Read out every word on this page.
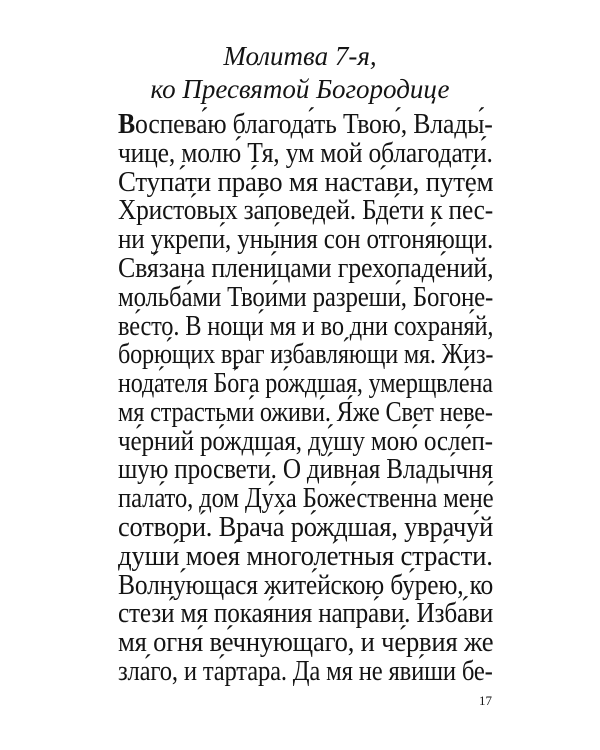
Молитва 7-я,
ко Пресвятой Богородице
Воспева́ю благода́ть Твою́, Влады́-
чице, молю́ Тя, ум мой облагодати́.
Ступа́ти пра́во мя наста́ви, путе́м
Христо́вых за́поведей. Бде́ти к пе́с-
ни укрепи́, уны́ния сон отгоня́ющи.
Свя́зана плени́цами грехопаде́ний,
мольба́ми Твои́ми разреши́, Богоне-
ве́сто. В нощи́ мя и во дни сохраня́й,
борю́щих враг избавля́ющи мя. Жиз-
нода́теля Бо́га ро́ждшая, умерщвле́на
мя страстьми́ оживи́. Я́же Свет неве-
че́рний ро́ждшая, ду́шу мою́ осле́п-
шую просвети́. О ди́вная Влады́чня
пала́то, дом Ду́ха Боже́ственна мене́
сотвори́. Врача́ ро́ждшая, уврачу́й
души́ моея́ многоле́тныя стра́сти.
Волну́ющася жите́йскою бу́рею, ко
стези́ мя покая́ния напра́ви. Изба́ви
мя огня́ ве́чнующаго, и че́рвия же
зла́го, и та́ртара. Да мя не яви́ши бе-
17
